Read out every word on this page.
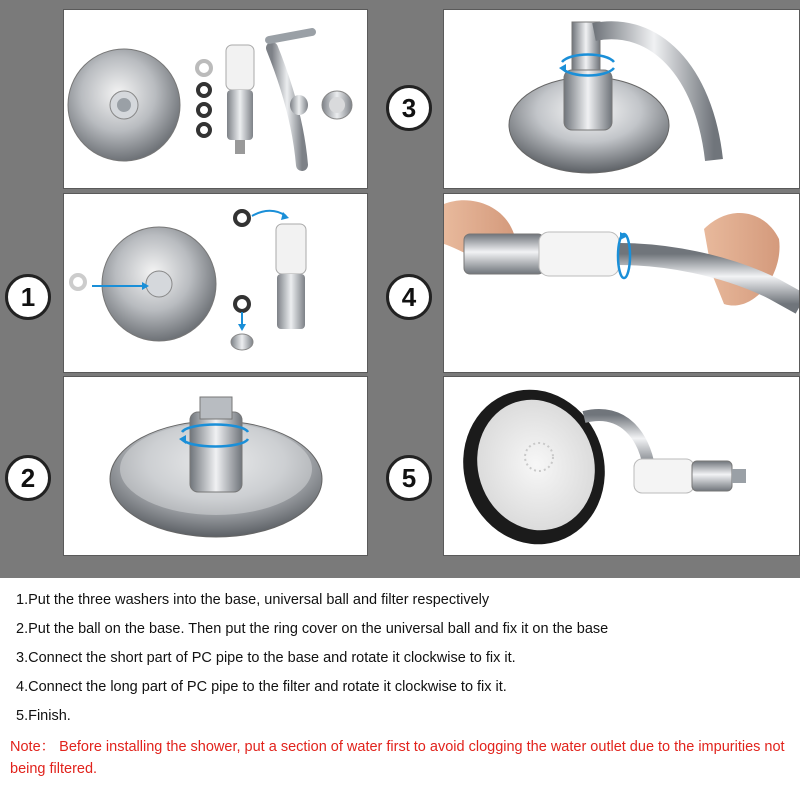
1
2
3
4
5
1.Put the three washers into the base, universal ball and filter respectively
2.Put the ball on the base. Then put the ring cover on the universal ball and fix it on the base
3.Connect the short part of PC pipe to the base and rotate it clockwise to fix it.
4.Connect the long part of PC pipe to the filter and rotate it clockwise to fix it.
5.Finish.
Note： Before installing the shower, put a section of water first to avoid clogging the water outlet due to the impurities not being filtered.
